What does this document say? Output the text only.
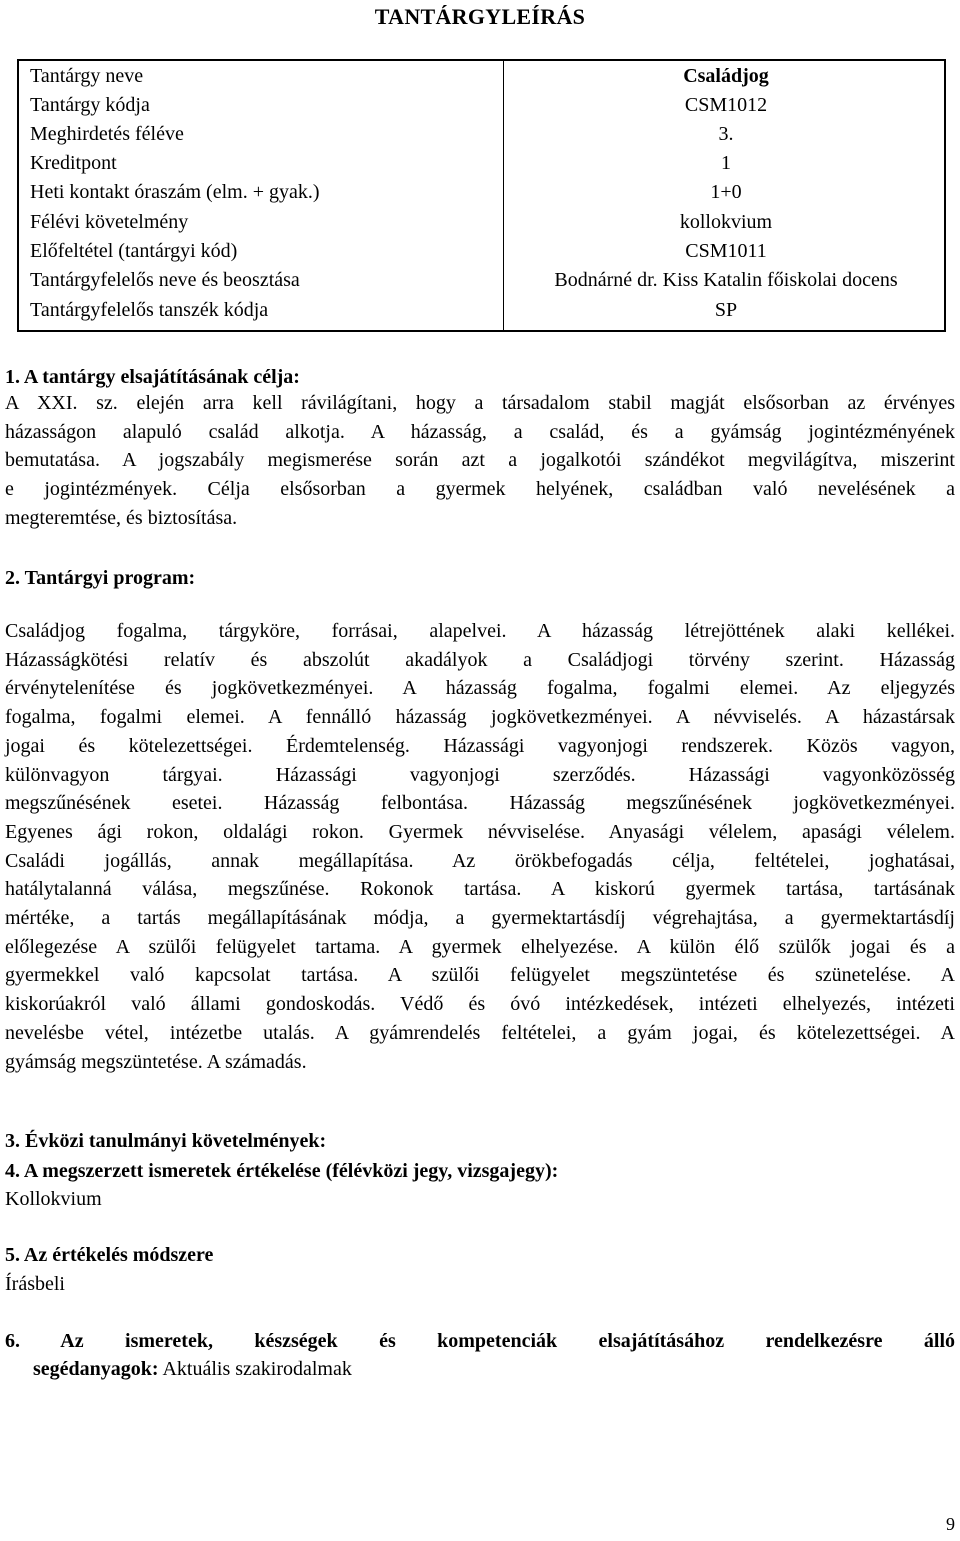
TANTÁRGYLEÍRÁS
Tantárgy neve	Családjog
Tantárgy kódja	CSM1012
Meghirdetés féléve	3.
Kreditpont	1
Heti kontakt óraszám (elm. + gyak.)	1+0
Félévi követelmény	kollokvium
Előfeltétel (tantárgyi kód)	CSM1011
Tantárgyfelelős neve és beosztása	Bodnárné dr. Kiss Katalin főiskolai docens
Tantárgyfelelős tanszék kódja	SP
1. A tantárgy elsajátításának célja:
A XXI. sz. elején arra kell rávilágítani, hogy a társadalom stabil magját elsősorban az érvényes
házasságon alapuló család alkotja. A házasság, a család, és a gyámság jogintézményének
bemutatása. A jogszabály megismerése során azt a jogalkotói szándékot megvilágítva, miszerint
e jogintézmények. Célja elsősorban a gyermek helyének, családban való nevelésének a
megteremtése, és biztosítása.
2. Tantárgyi program:
Családjog fogalma, tárgyköre, forrásai, alapelvei. A házasság létrejöttének alaki kellékei.
Házasságkötési relatív és abszolút akadályok a Családjogi törvény szerint. Házasság
érvénytelenítése és jogkövetkezményei. A házasság fogalma, fogalmi elemei. Az eljegyzés
fogalma, fogalmi elemei. A fennálló házasság jogkövetkezményei. A névviselés. A házastársak
jogai és kötelezettségei. Érdemtelenség. Házassági vagyonjogi rendszerek. Közös vagyon,
különvagyon tárgyai. Házassági vagyonjogi szerződés. Házassági vagyonközösség
megszűnésének esetei. Házasság felbontása. Házasság megszűnésének jogkövetkezményei.
Egyenes ági rokon, oldalági rokon. Gyermek névviselése. Anyasági vélelem, apasági vélelem.
Családi jogállás, annak megállapítása. Az örökbefogadás célja, feltételei, joghatásai,
hatálytalanná válása, megszűnése. Rokonok tartása. A kiskorú gyermek tartása, tartásának
mértéke, a tartás megállapításának módja, a gyermektartásdíj végrehajtása, a gyermektartásdíj
előlegezése A szülői felügyelet tartama. A gyermek elhelyezése. A külön élő szülők jogai és a
gyermekkel való kapcsolat tartása. A szülői felügyelet megszüntetése és szünetelése. A
kiskorúakról való állami gondoskodás. Védő és óvó intézkedések, intézeti elhelyezés, intézeti
nevelésbe vétel, intézetbe utalás. A gyámrendelés feltételei, a gyám jogai, és kötelezettségei. A
gyámság megszüntetése. A számadás.
3. Évközi tanulmányi követelmények:
4. A megszerzett ismeretek értékelése (félévközi jegy, vizsgajegy):
Kollokvium
5. Az értékelés módszere
Írásbeli
6. Az ismeretek, készségek és kompetenciák elsajátításához rendelkezésre álló
segédanyagok: Aktuális szakirodalmak
9
